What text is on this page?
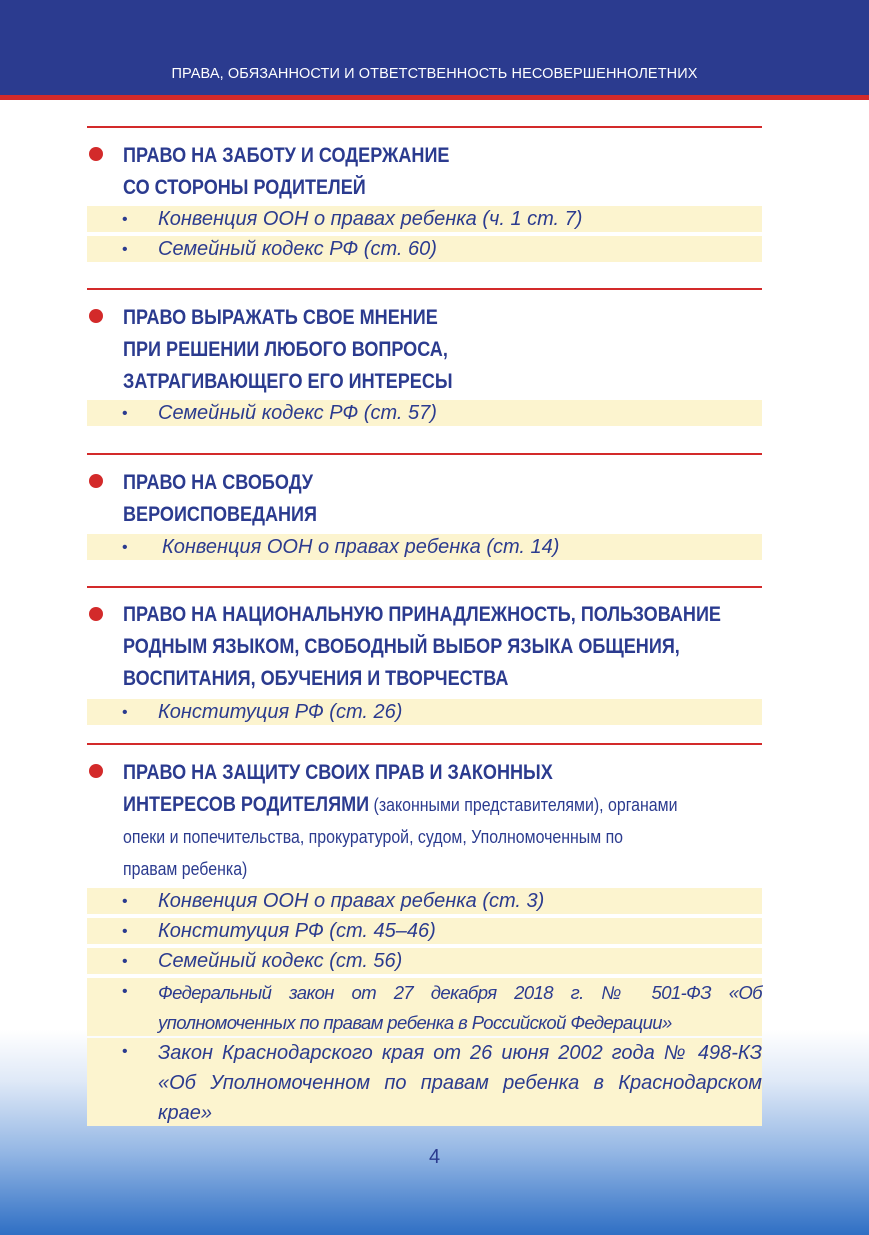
ПРАВА, ОБЯЗАННОСТИ И ОТВЕТСТВЕННОСТЬ НЕСОВЕРШЕННОЛЕТНИХ
ПРАВО НА ЗАБОТУ И СОДЕРЖАНИЕ
СО СТОРОНЫ РОДИТЕЛЕЙ
• Конвенция ООН о правах ребенка (ч. 1 ст. 7)
• Семейный кодекс РФ (ст. 60)
ПРАВО ВЫРАЖАТЬ СВОЕ МНЕНИЕ
ПРИ РЕШЕНИИ ЛЮБОГО ВОПРОСА,
ЗАТРАГИВАЮЩЕГО ЕГО ИНТЕРЕСЫ
• Семейный кодекс РФ (ст. 57)
ПРАВО НА СВОБОДУ
ВЕРОИСПОВЕДАНИЯ
• Конвенция ООН о правах ребенка (ст. 14)
ПРАВО НА НАЦИОНАЛЬНУЮ ПРИНАДЛЕЖНОСТЬ, ПОЛЬЗОВАНИЕ
РОДНЫМ ЯЗЫКОМ, СВОБОДНЫЙ ВЫБОР ЯЗЫКА ОБЩЕНИЯ,
ВОСПИТАНИЯ, ОБУЧЕНИЯ И ТВОРЧЕСТВА
• Конституция РФ (ст. 26)
ПРАВО НА ЗАЩИТУ СВОИХ ПРАВ И ЗАКОННЫХ
ИНТЕРЕСОВ РОДИТЕЛЯМИ (законными представителями), органами
опеки и попечительства, прокуратурой, судом, Уполномоченным по
правам ребенка)
• Конвенция ООН о правах ребенка (ст. 3)
• Конституция РФ (ст. 45–46)
• Семейный кодекс (ст. 56)
• Федеральный закон от 27 декабря 2018 г. № 501-ФЗ «Об уполномоченных по правам ребенка в Российской Федерации»
• Закон Краснодарского края от 26 июня 2002 года № 498-КЗ «Об Уполномоченном по правам ребенка в Краснодарском крае»
4
